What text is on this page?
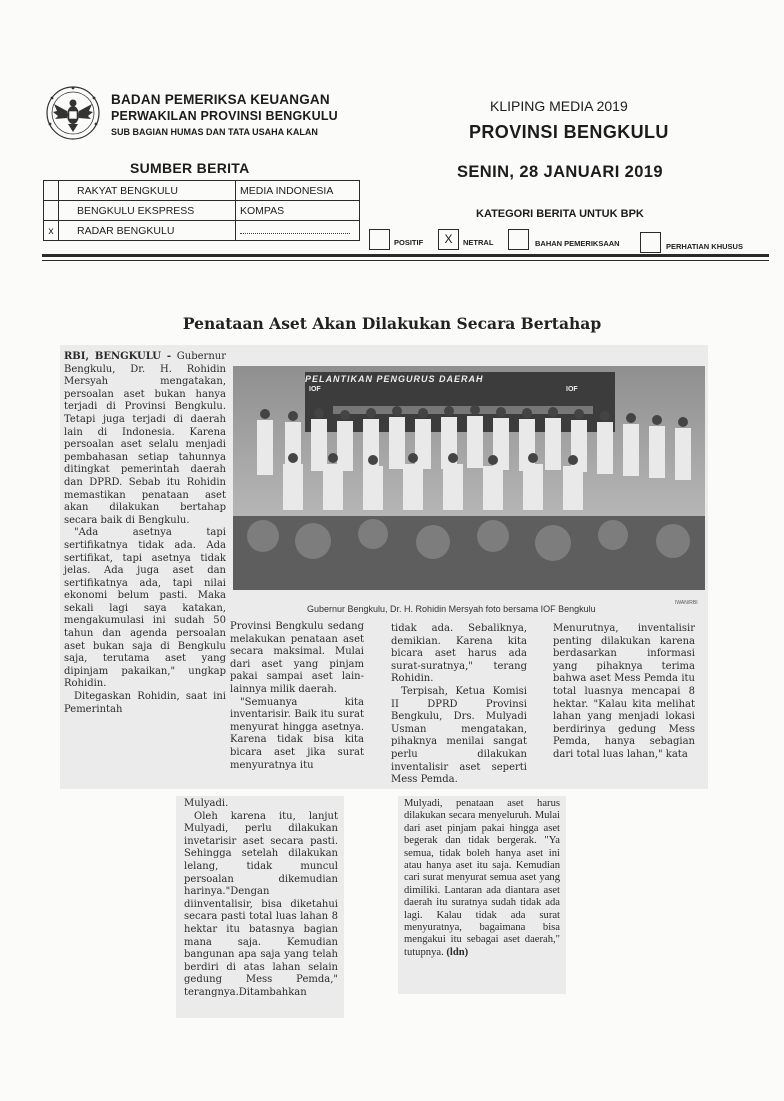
BADAN PEMERIKSA KEUANGAN
PERWAKILAN PROVINSI BENGKULU
SUB BAGIAN HUMAS DAN TATA USAHA KALAN
KLIPING MEDIA 2019
PROVINSI BENGKULU
SENIN, 28 JANUARI 2019
SUMBER BERITA
	RAKYAT BENGKULU	MEDIA INDONESIA
	BENGKULU EKSPRESS	KOMPAS
x	RADAR BENGKULU	
KATEGORI BERITA UNTUK BPK
POSITIF	X	NETRAL	BAHAN PEMERIKSAAN	PERHATIAN KHUSUS
Penataan Aset Akan Dilakukan Secara Bertahap

RBI, BENGKULU - Gubernur Bengkulu, Dr. H. Rohidin Mersyah mengatakan, persoalan aset bukan hanya terjadi di Provinsi Bengkulu. Tetapi juga terjadi di daerah lain di Indonesia. Karena persoalan aset selalu menjadi pembahasan setiap tahunnya ditingkat pemerintah daerah dan DPRD. Sebab itu Rohidin memastikan penataan aset akan dilakukan bertahap secara baik di Bengkulu.

"Ada asetnya tapi sertifikatnya tidak ada. Ada sertifikat, tapi asetnya tidak jelas. Ada juga aset dan sertifikatnya ada, tapi nilai ekonomi belum pasti. Maka sekali lagi saya katakan, mengakumulasi ini sudah 50 tahun dan agenda persoalan aset bukan saja di Bengkulu saja, terutama aset yang dipinjam pakaikan," ungkap Rohidin.

Ditegaskan Rohidin, saat ini Pemerintah

PELANTIKAN PENGURUS DAERAH
IOF	IOF
Gubernur Bengkulu, Dr. H. Rohidin Mersyah foto bersama IOF Bengkulu
IWAN/RBI

Provinsi Bengkulu sedang melakukan penataan aset secara maksimal. Mulai dari aset yang pinjam pakai sampai aset lain-lainnya milik daerah.

"Semuanya kita inventarisir. Baik itu surat menyurat hingga asetnya. Karena tidak bisa kita bicara aset jika surat menyuratnya itu

tidak ada. Sebaliknya, demikian. Karena kita bicara aset harus ada surat-suratnya," terang Rohidin.

Terpisah, Ketua Komisi II DPRD Provinsi Bengkulu, Drs. Mulyadi Usman mengatakan, pihaknya menilai sangat perlu dilakukan inventalisir aset seperti Mess Pemda.

Menurutnya, inventalisir penting dilakukan karena berdasarkan informasi yang pihaknya terima bahwa aset Mess Pemda itu total luasnya mencapai 8 hektar. "Kalau kita melihat lahan yang menjadi lokasi berdirinya gedung Mess Pemda, hanya sebagian dari total luas lahan," kata

Mulyadi.

Oleh karena itu, lanjut Mulyadi, perlu dilakukan invetarisir aset secara pasti. Sehingga setelah dilakukan lelang, tidak muncul persoalan dikemudian harinya."Dengan diinventalisir, bisa diketahui secara pasti total luas lahan 8 hektar itu batasnya bagian mana saja. Kemudian bangunan apa saja yang telah berdiri di atas lahan selain gedung Mess Pemda," terangnya.Ditambahkan

Mulyadi, penataan aset harus dilakukan secara menyeluruh. Mulai dari aset pinjam pakai hingga aset begerak dan tidak bergerak. "Ya semua, tidak boleh hanya aset ini atau hanya aset itu saja. Kemudian cari surat menyurat semua aset yang dimiliki. Lantaran ada diantara aset daerah itu suratnya sudah tidak ada lagi. Kalau tidak ada surat menyuratnya, bagaimana bisa mengakui itu sebagai aset daerah," tutupnya. (ldn)
